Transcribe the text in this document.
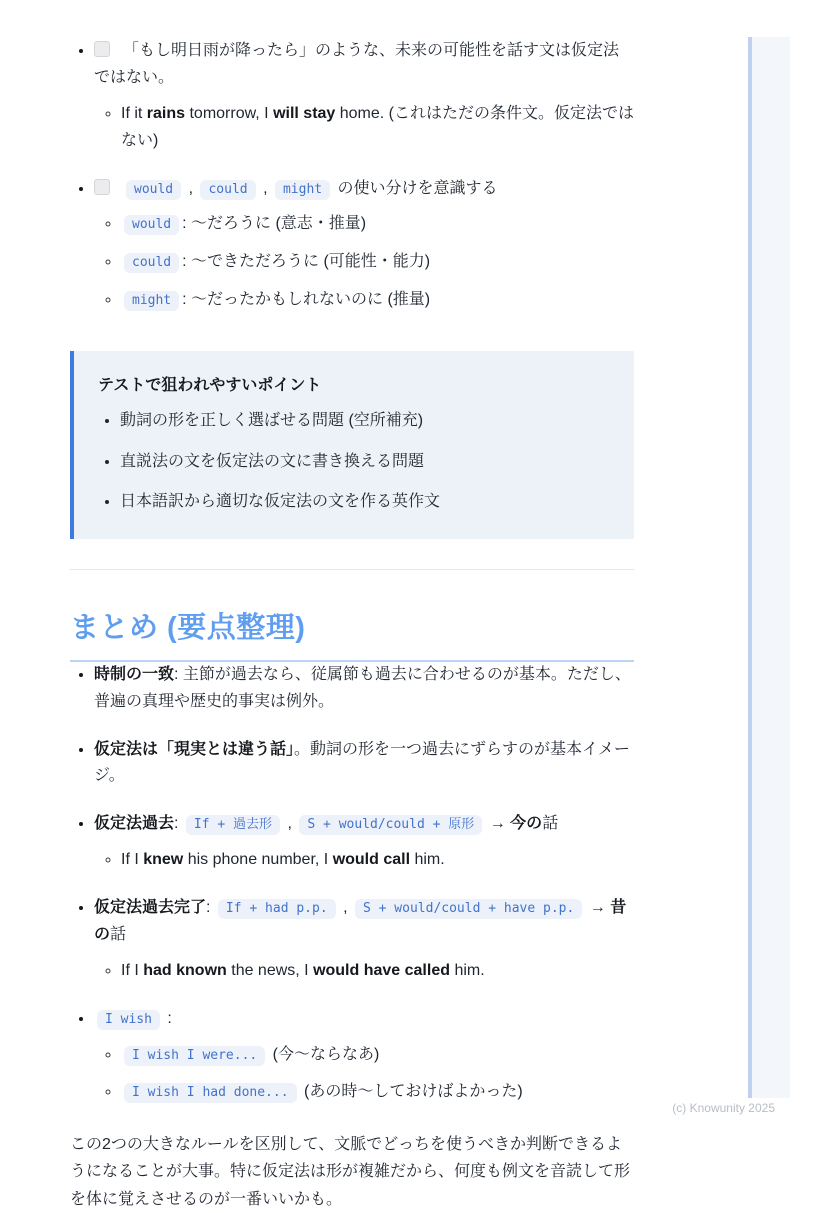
• 「もし明日雨が降ったら」のような、未来の可能性を話す文は仮定法ではない。
◦ If it rains tomorrow, I will stay home. (これはただの条件文。仮定法ではない)
• would , could , might の使い分けを意識する
◦ would : 〜だろうに (意志・推量)
◦ could : 〜できただろうに (可能性・能力)
◦ might : 〜だったかもしれないのに (推量)

テストで狙われやすいポイント

• 動詞の形を正しく選ばせる問題 (空所補充)
• 直説法の文を仮定法の文に書き換える問題
• 日本語訳から適切な仮定法の文を作る英作文
まとめ (要点整理)
• 時制の一致: 主節が過去なら、従属節も過去に合わせるのが基本。ただし、普遍の真理や歴史的事実は例外。
• 仮定法は「現実とは違う話」。動詞の形を一つ過去にずらすのが基本イメージ。
• 仮定法過去: If + 過去形 , S + would/could + 原形 → 今の話
◦ If I knew his phone number, I would call him.
• 仮定法過去完了: If + had p.p. , S + would/could + have p.p. → 昔の話
◦ If I had known the news, I would have called him.
• I wish :
◦ I wish I were... (今〜ならなあ)
◦ I wish I had done... (あの時〜しておけばよかった)

この2つの大きなルールを区別して、文脈でどっちを使うべきか判断できるようになることが大事。特に仮定法は形が複雑だから、何度も例文を音読して形を体に覚えさせるのが一番いいかも。

(c) Knowunity 2025
